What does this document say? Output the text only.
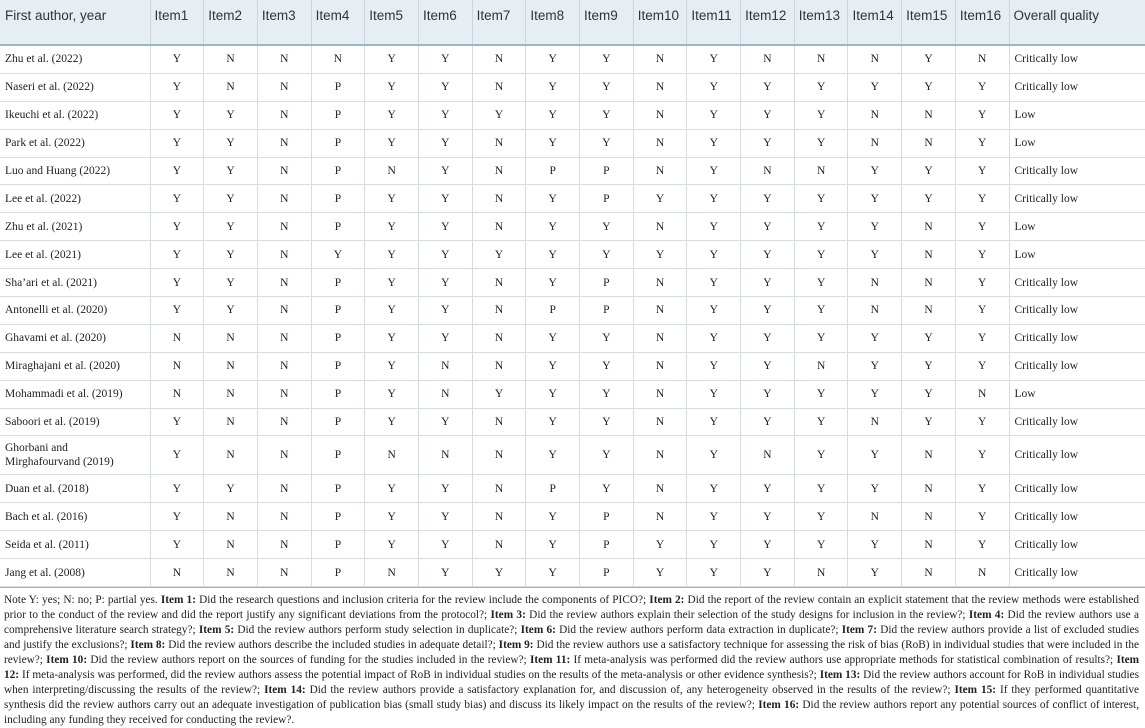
First author, year	Item1	Item2	Item3	Item4	Item5	Item6	Item7	Item8	Item9	Item10	Item11	Item12	Item13	Item14	Item15	Item16	Overall quality
Zhu et al. (2022)	Y	N	N	N	Y	Y	N	Y	Y	N	Y	N	N	N	Y	N	Critically low
Naseri et al. (2022)	Y	N	N	P	Y	Y	N	Y	Y	N	Y	Y	Y	Y	Y	Y	Critically low
Ikeuchi et al. (2022)	Y	Y	N	P	Y	Y	Y	Y	Y	N	Y	Y	Y	N	N	Y	Low
Park et al. (2022)	Y	Y	N	P	Y	Y	N	Y	Y	N	Y	Y	Y	N	N	Y	Low
Luo and Huang (2022)	Y	Y	N	P	N	Y	N	P	P	N	Y	N	N	Y	Y	Y	Critically low
Lee et al. (2022)	Y	Y	N	P	Y	Y	N	Y	P	Y	Y	Y	Y	Y	Y	Y	Critically low
Zhu et al. (2021)	Y	Y	N	P	Y	Y	N	Y	Y	N	Y	Y	Y	Y	N	Y	Low
Lee et al. (2021)	Y	Y	N	Y	Y	Y	Y	Y	Y	Y	Y	Y	Y	Y	N	Y	Low
Sha’ari et al. (2021)	Y	Y	N	P	Y	Y	N	Y	P	N	Y	Y	Y	N	N	Y	Critically low
Antonelli et al. (2020)	Y	Y	N	P	Y	Y	N	P	P	N	Y	Y	Y	N	N	Y	Critically low
Ghavami et al. (2020)	N	N	N	P	Y	Y	N	Y	Y	N	Y	Y	Y	Y	Y	Y	Critically low
Miraghajani et al. (2020)	N	N	N	P	Y	N	N	Y	Y	N	Y	Y	N	Y	Y	Y	Critically low
Mohammadi et al. (2019)	N	N	N	P	Y	N	Y	Y	Y	N	Y	Y	Y	Y	Y	N	Low
Saboori et al. (2019)	Y	N	N	P	Y	Y	N	Y	Y	N	Y	Y	Y	N	Y	Y	Critically low
Ghorbani and Mirghafourvand (2019)	Y	N	N	P	N	N	N	Y	Y	N	Y	N	Y	Y	N	Y	Critically low
Duan et al. (2018)	Y	Y	N	P	Y	Y	N	P	Y	N	Y	Y	Y	Y	N	Y	Critically low
Bach et al. (2016)	Y	N	N	P	Y	Y	N	Y	P	N	Y	Y	Y	N	N	Y	Critically low
Seida et al. (2011)	Y	N	N	P	Y	Y	N	Y	P	Y	Y	Y	Y	Y	N	Y	Critically low
Jang et al. (2008)	N	N	N	P	N	Y	Y	Y	P	Y	Y	Y	N	Y	N	N	Critically low
Note Y: yes; N: no; P: partial yes. Item 1: Did the research questions and inclusion criteria for the review include the components of PICO?; Item 2: Did the report of the review contain an explicit statement that the review methods were established prior to the conduct of the review and did the report justify any significant deviations from the protocol?; Item 3: Did the review authors explain their selection of the study designs for inclusion in the review?; Item 4: Did the review authors use a comprehensive literature search strategy?; Item 5: Did the review authors perform study selection in duplicate?; Item 6: Did the review authors perform data extraction in duplicate?; Item 7: Did the review authors provide a list of excluded studies and justify the exclusions?; Item 8: Did the review authors describe the included studies in adequate detail?; Item 9: Did the review authors use a satisfactory technique for assessing the risk of bias (RoB) in individual studies that were included in the review?; Item 10: Did the review authors report on the sources of funding for the studies included in the review?; Item 11: If meta-analysis was performed did the review authors use appropriate methods for statistical combination of results?; Item 12: If meta-analysis was performed, did the review authors assess the potential impact of RoB in individual studies on the results of the meta-analysis or other evidence synthesis?; Item 13: Did the review authors account for RoB in individual studies when interpreting/discussing the results of the review?; Item 14: Did the review authors provide a satisfactory explanation for, and discussion of, any heterogeneity observed in the results of the review?; Item 15: If they performed quantitative synthesis did the review authors carry out an adequate investigation of publication bias (small study bias) and discuss its likely impact on the results of the review?; Item 16: Did the review authors report any potential sources of conflict of interest, including any funding they received for conducting the review?.
